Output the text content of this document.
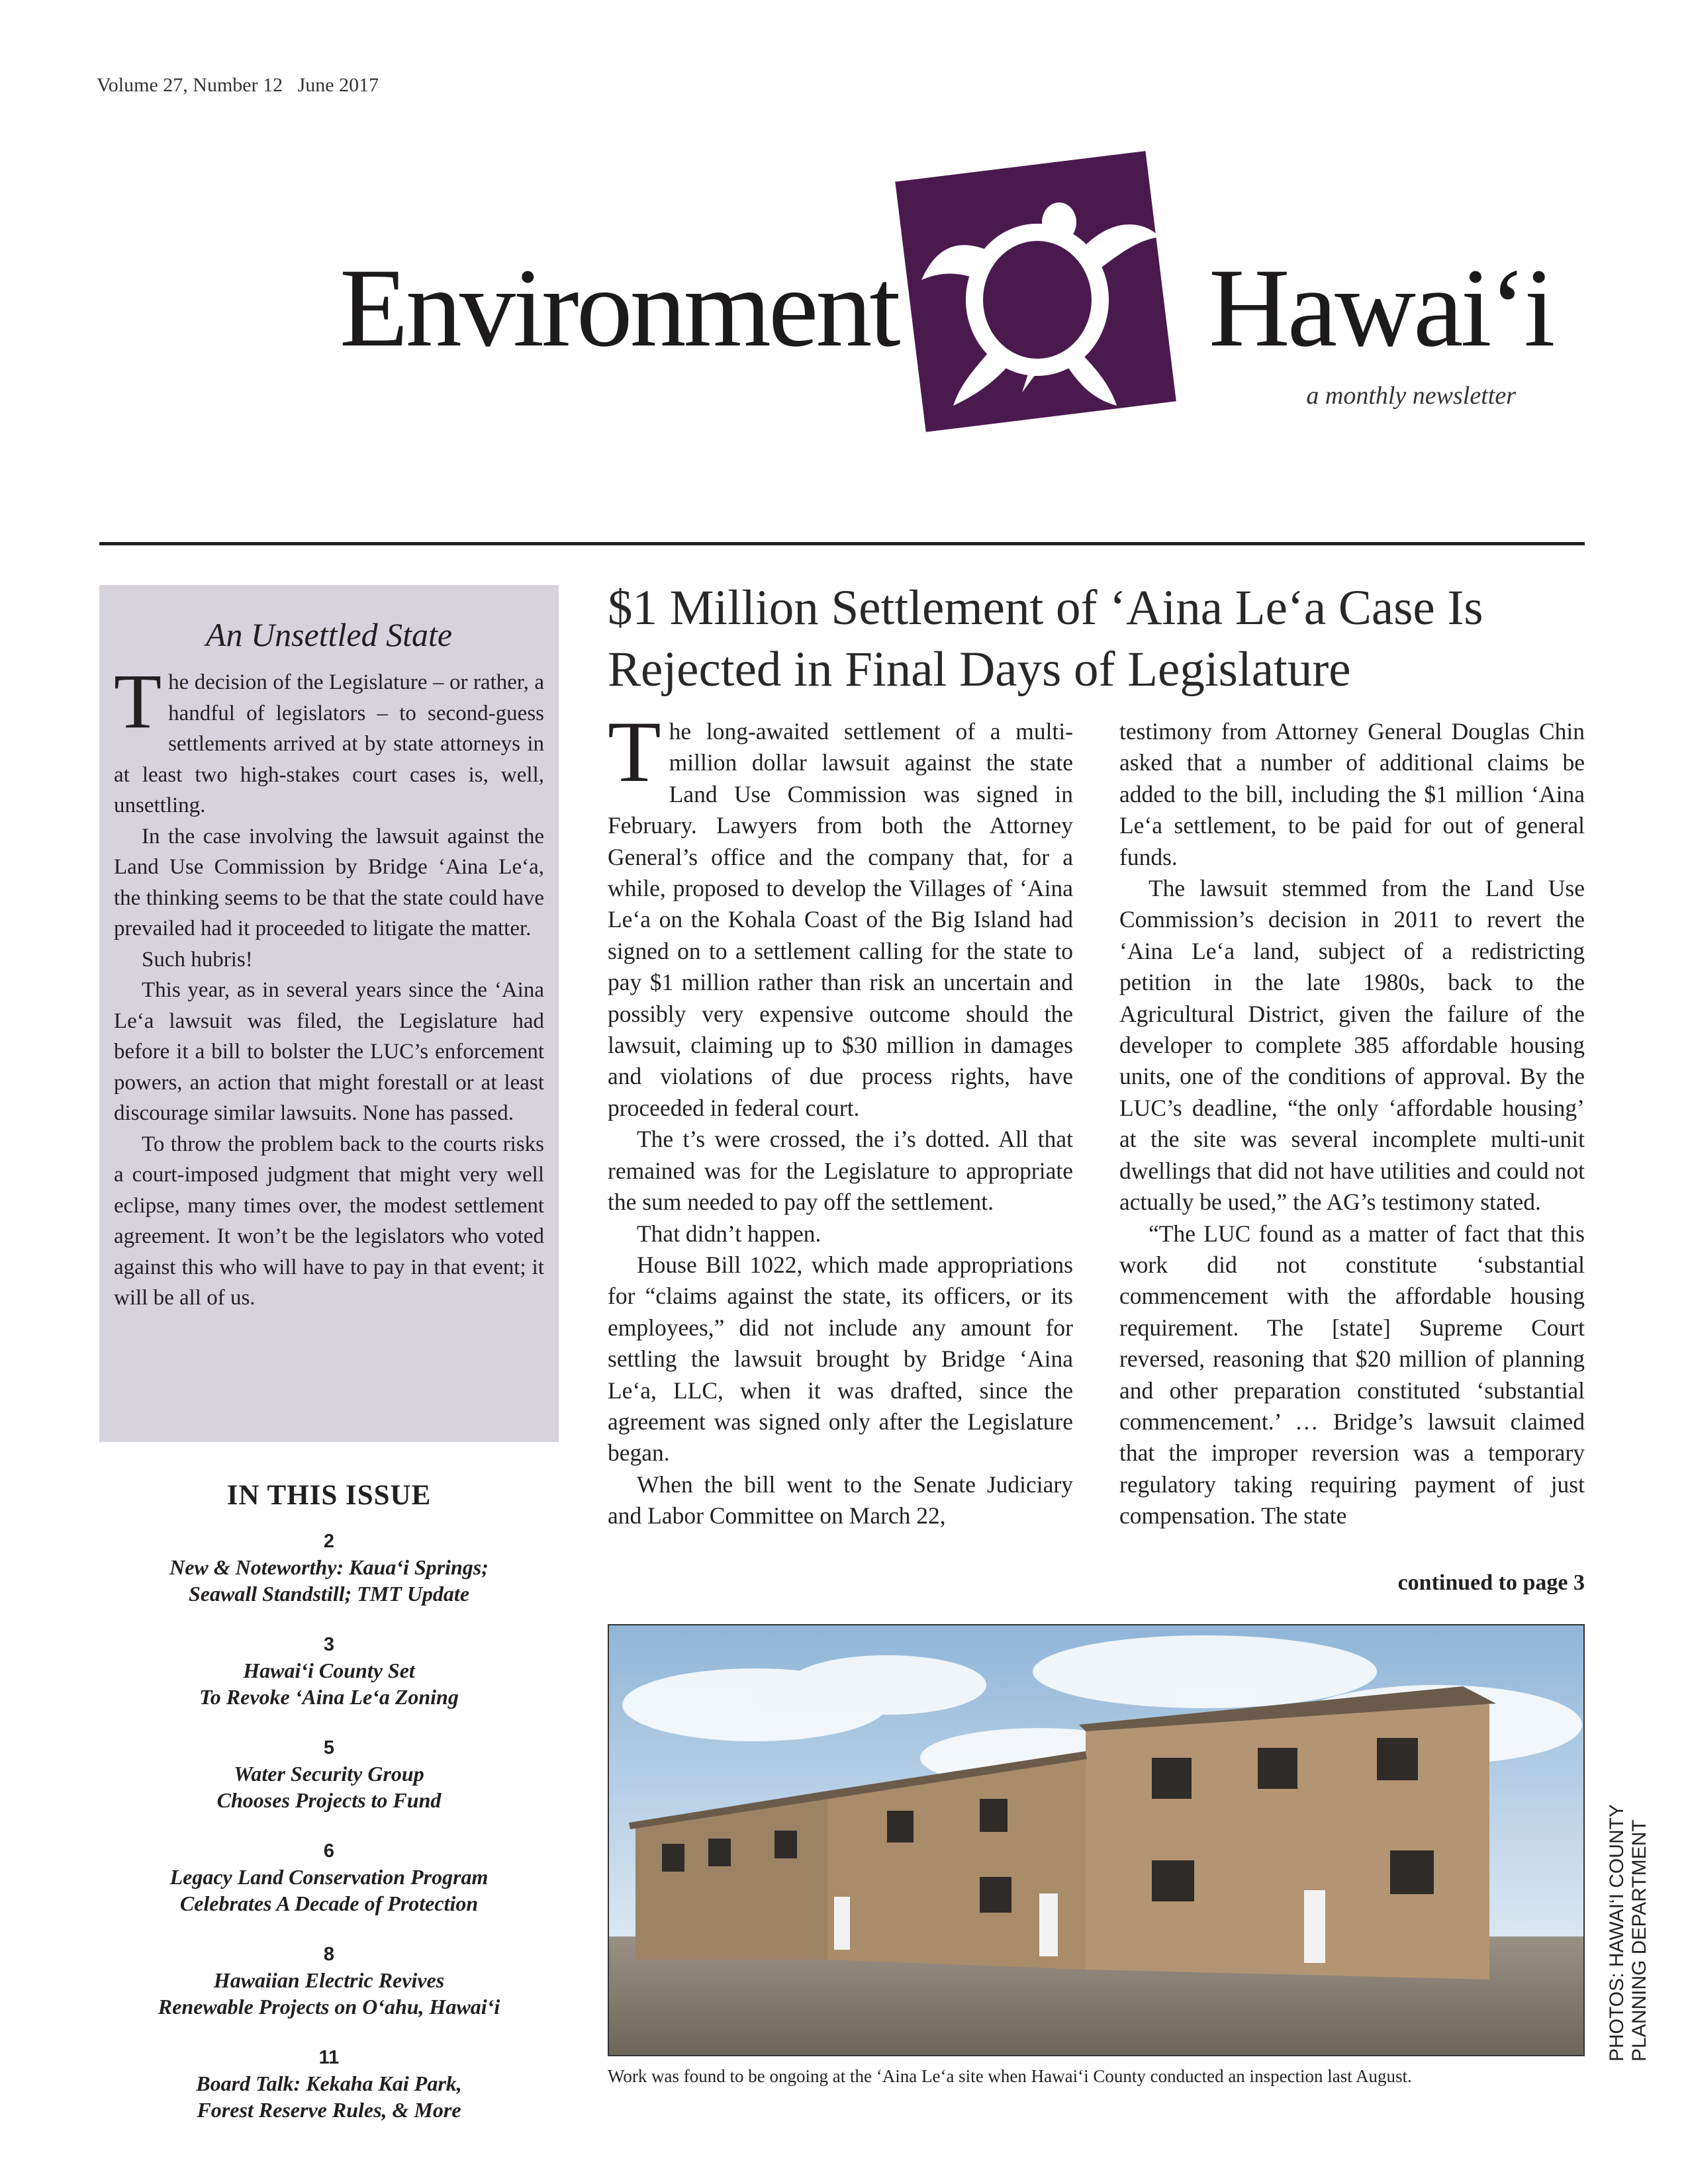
Volume 27, Number 12   June 2017
Environment	Hawaiʻi
a monthly newsletter
An Unsettled State

The decision of the Legislature – or rather, a handful of legislators – to second-guess settlements arrived at by state attorneys in at least two high-stakes court cases is, well, unsettling.

In the case involving the lawsuit against the Land Use Commission by Bridge ‘Aina Le‘a, the thinking seems to be that the state could have prevailed had it proceeded to litigate the matter.

Such hubris!

This year, as in several years since the ‘Aina Le‘a lawsuit was filed, the Legislature had before it a bill to bolster the LUC’s enforcement powers, an action that might forestall or at least discourage similar lawsuits. None has passed.

To throw the problem back to the courts risks a court-imposed judgment that might very well eclipse, many times over, the modest settlement agreement. It won’t be the legislators who voted against this who will have to pay in that event; it will be all of us.

IN THIS ISSUE
2
New & Noteworthy: Kaua‘i Springs;
Seawall Standstill; TMT Update
3
Hawai‘i County Set
To Revoke ‘Aina Le‘a Zoning
5
Water Security Group
Chooses Projects to Fund
6
Legacy Land Conservation Program
Celebrates A Decade of Protection
8
Hawaiian Electric Revives
Renewable Projects on O‘ahu, Hawai‘i
11
Board Talk: Kekaha Kai Park,
Forest Reserve Rules, & More
$1 Million Settlement of ‘Aina Le‘a Case Is Rejected in Final Days of Legislature

The long-awaited settlement of a multi-million dollar lawsuit against the state Land Use Commission was signed in February. Lawyers from both the Attorney General’s office and the company that, for a while, proposed to develop the Villages of ‘Aina Le‘a on the Kohala Coast of the Big Island had signed on to a settlement calling for the state to pay $1 million rather than risk an uncertain and possibly very expensive outcome should the lawsuit, claiming up to $30 million in damages and violations of due process rights, have proceeded in federal court.

The t’s were crossed, the i’s dotted. All that remained was for the Legislature to appropriate the sum needed to pay off the settlement.

That didn’t happen.

House Bill 1022, which made appropriations for “claims against the state, its officers, or its employees,” did not include any amount for settling the lawsuit brought by Bridge ‘Aina Le‘a, LLC, when it was drafted, since the agreement was signed only after the Legislature began.

When the bill went to the Senate Judiciary and Labor Committee on March 22,

testimony from Attorney General Douglas Chin asked that a number of additional claims be added to the bill, including the $1 million ‘Aina Le‘a settlement, to be paid for out of general funds.

The lawsuit stemmed from the Land Use Commission’s decision in 2011 to revert the ‘Aina Le‘a land, subject of a redistricting petition in the late 1980s, back to the Agricultural District, given the failure of the developer to complete 385 affordable housing units, one of the conditions of approval. By the LUC’s deadline, “the only ‘affordable housing’ at the site was several incomplete multi-unit dwellings that did not have utilities and could not actually be used,” the AG’s testimony stated.

“The LUC found as a matter of fact that this work did not constitute ‘substantial commencement with the affordable housing requirement. The [state] Supreme Court reversed, reasoning that $20 million of planning and other preparation constituted ‘substantial commencement.’ … Bridge’s lawsuit claimed that the improper reversion was a temporary regulatory taking requiring payment of just compensation. The state

continued to page 3
Work was found to be ongoing at the ‘Aina Le‘a site when Hawai‘i County conducted an inspection last August.
PHOTOS: HAWAI‘I COUNTY PLANNING DEPARTMENT
